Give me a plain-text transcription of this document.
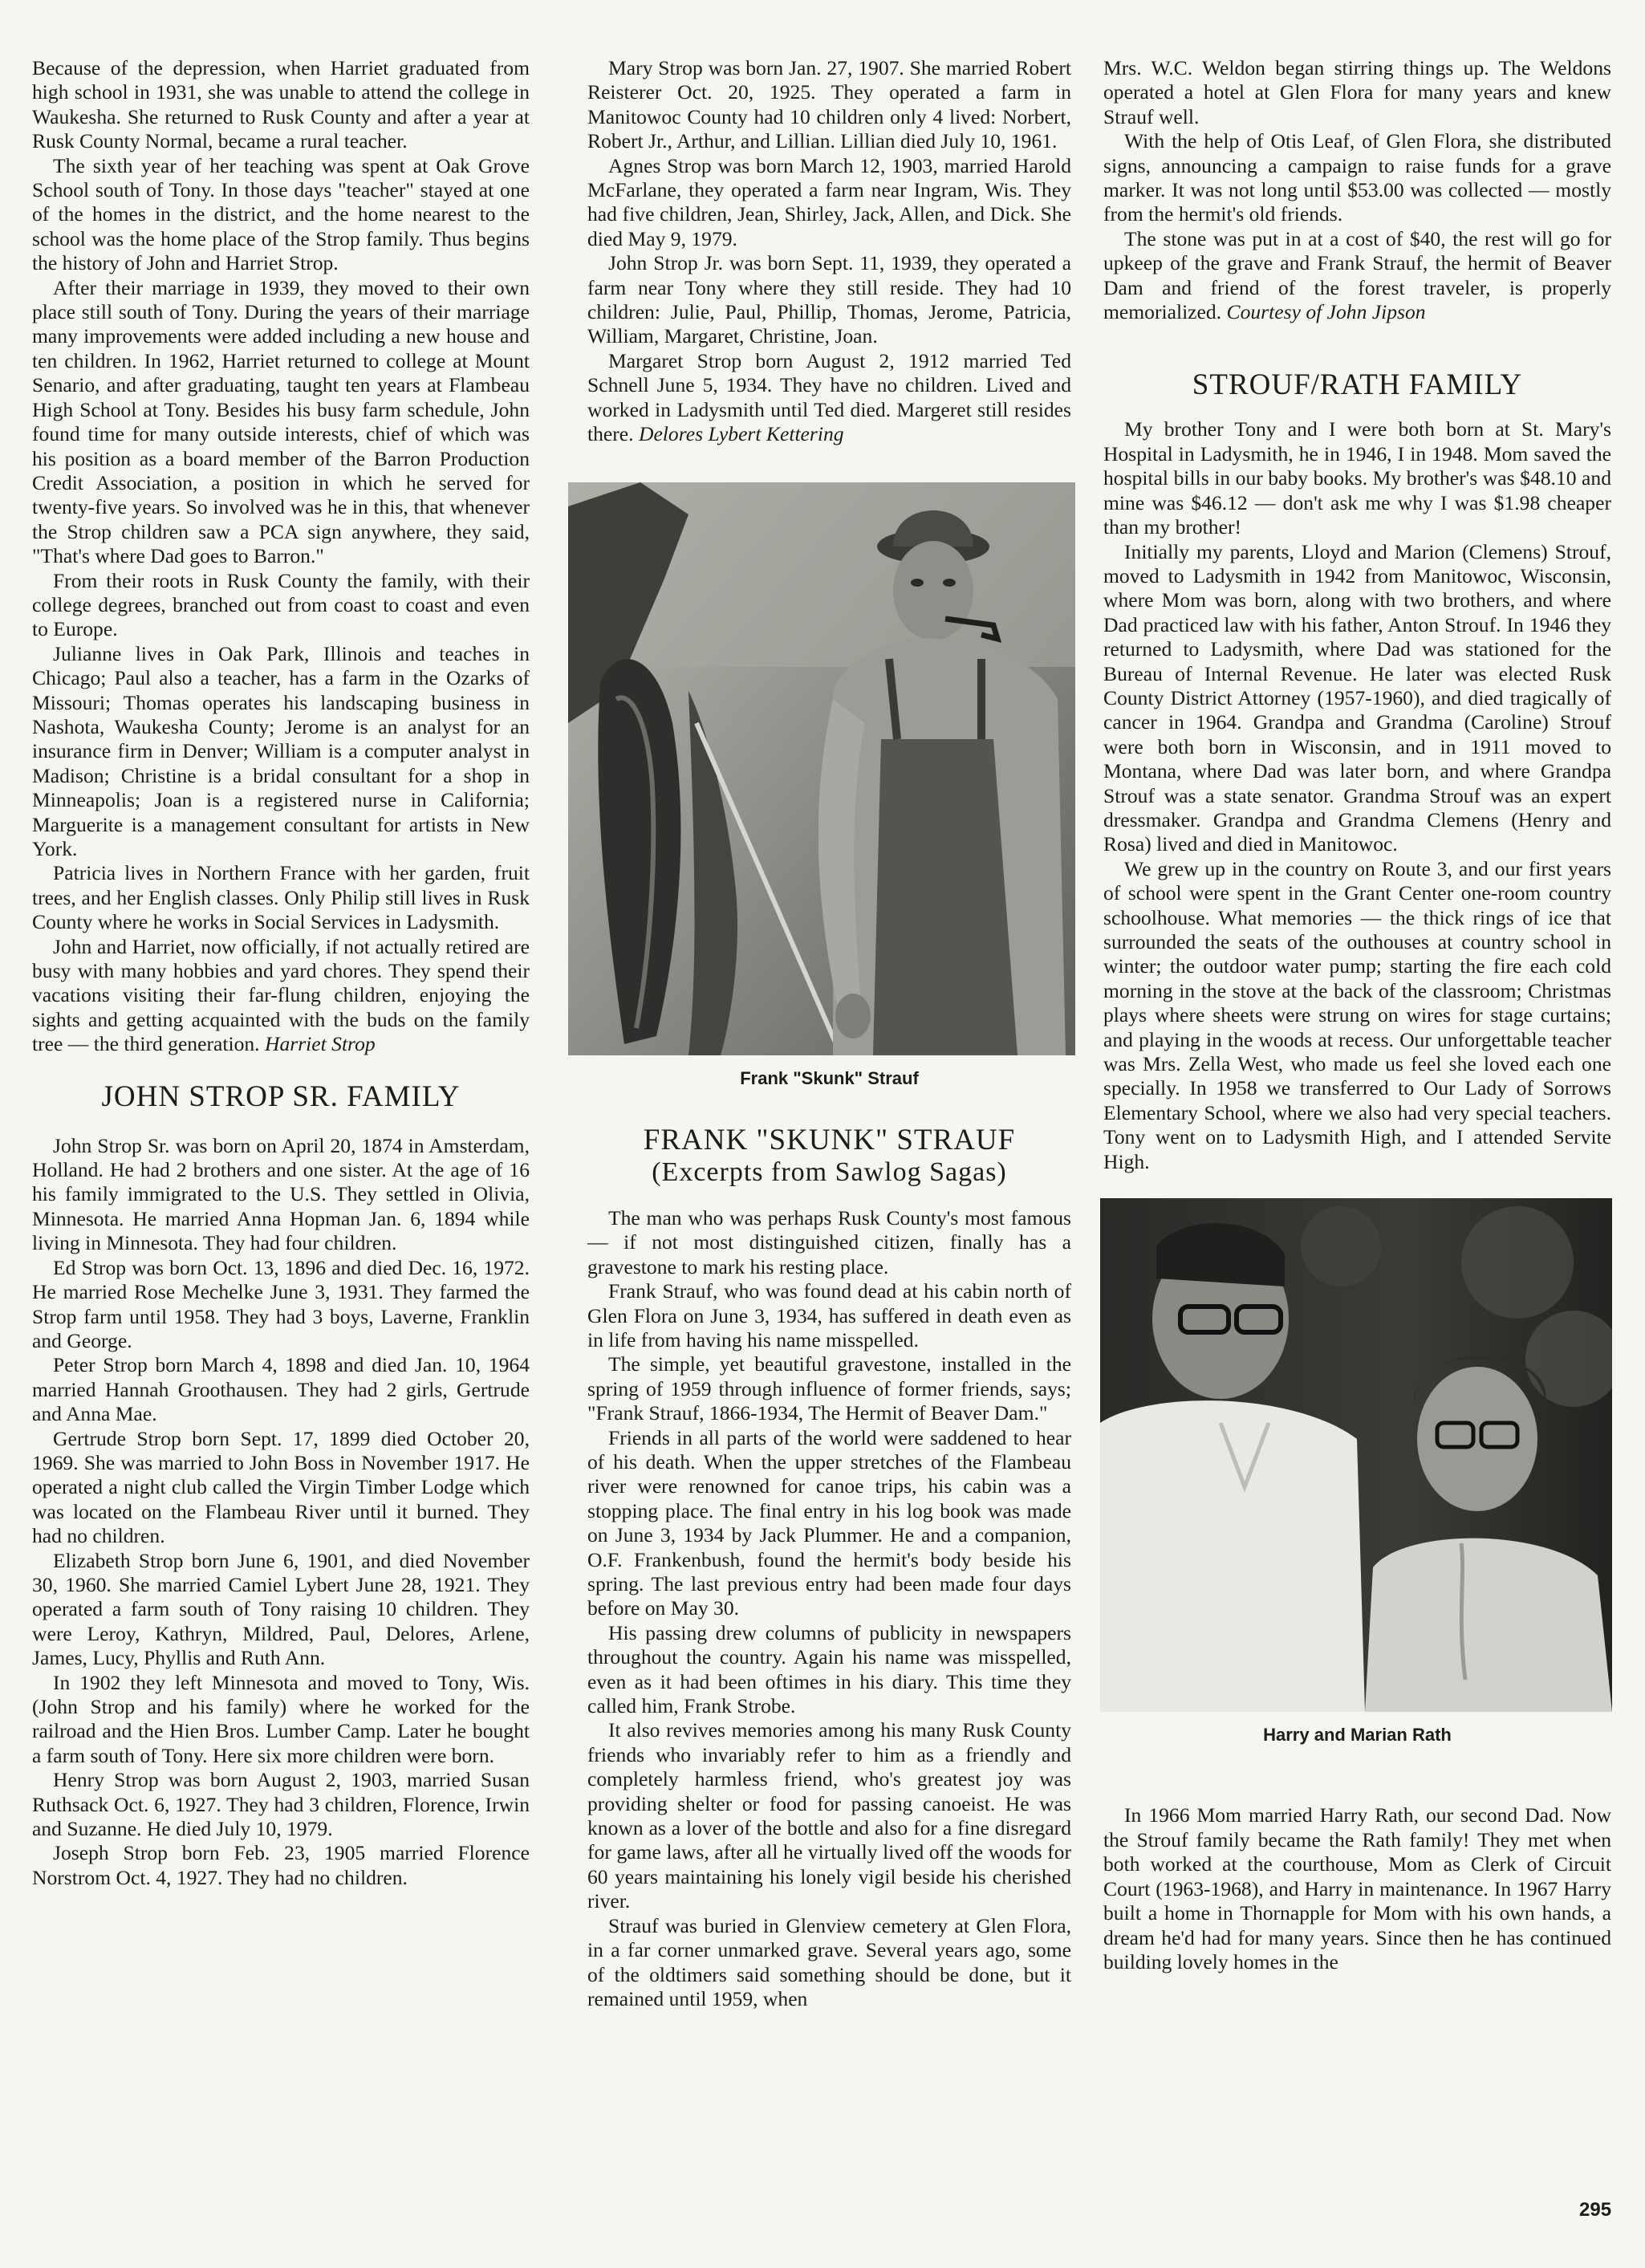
Because of the depression, when Harriet graduated from high school in 1931, she was unable to attend the college in Waukesha. She returned to Rusk County and after a year at Rusk County Normal, became a rural teacher.

The sixth year of her teaching was spent at Oak Grove School south of Tony. In those days "teacher" stayed at one of the homes in the district, and the home nearest to the school was the home place of the Strop family. Thus begins the history of John and Harriet Strop.

After their marriage in 1939, they moved to their own place still south of Tony. During the years of their marriage many improvements were added including a new house and ten children. In 1962, Harriet returned to college at Mount Senario, and after graduating, taught ten years at Flambeau High School at Tony. Besides his busy farm schedule, John found time for many outside interests, chief of which was his position as a board member of the Barron Production Credit Association, a position in which he served for twenty-five years. So involved was he in this, that whenever the Strop children saw a PCA sign anywhere, they said, "That's where Dad goes to Barron."

From their roots in Rusk County the family, with their college degrees, branched out from coast to coast and even to Europe.

Julianne lives in Oak Park, Illinois and teaches in Chicago; Paul also a teacher, has a farm in the Ozarks of Missouri; Thomas operates his landscaping business in Nashota, Waukesha County; Jerome is an analyst for an insurance firm in Denver; William is a computer analyst in Madison; Christine is a bridal consultant for a shop in Minneapolis; Joan is a registered nurse in California; Marguerite is a management consultant for artists in New York.

Patricia lives in Northern France with her garden, fruit trees, and her English classes. Only Philip still lives in Rusk County where he works in Social Services in Ladysmith.

John and Harriet, now officially, if not actually retired are busy with many hobbies and yard chores. They spend their vacations visiting their far-flung children, enjoying the sights and getting acquainted with the buds on the family tree — the third generation. Harriet Strop

JOHN STROP SR. FAMILY

John Strop Sr. was born on April 20, 1874 in Amsterdam, Holland. He had 2 brothers and one sister. At the age of 16 his family immigrated to the U.S. They settled in Olivia, Minnesota. He married Anna Hopman Jan. 6, 1894 while living in Minnesota. They had four children.

Ed Strop was born Oct. 13, 1896 and died Dec. 16, 1972. He married Rose Mechelke June 3, 1931. They farmed the Strop farm until 1958. They had 3 boys, Laverne, Franklin and George.

Peter Strop born March 4, 1898 and died Jan. 10, 1964 married Hannah Groothausen. They had 2 girls, Gertrude and Anna Mae.

Gertrude Strop born Sept. 17, 1899 died October 20, 1969. She was married to John Boss in November 1917. He operated a night club called the Virgin Timber Lodge which was located on the Flambeau River until it burned. They had no children.

Elizabeth Strop born June 6, 1901, and died November 30, 1960. She married Camiel Lybert June 28, 1921. They operated a farm south of Tony raising 10 children. They were Leroy, Kathryn, Mildred, Paul, Delores, Arlene, James, Lucy, Phyllis and Ruth Ann.

In 1902 they left Minnesota and moved to Tony, Wis. (John Strop and his family) where he worked for the railroad and the Hien Bros. Lumber Camp. Later he bought a farm south of Tony. Here six more children were born.

Henry Strop was born August 2, 1903, married Susan Ruthsack Oct. 6, 1927. They had 3 children, Florence, Irwin and Suzanne. He died July 10, 1979.

Joseph Strop born Feb. 23, 1905 married Florence Norstrom Oct. 4, 1927. They had no children.

Mary Strop was born Jan. 27, 1907. She married Robert Reisterer Oct. 20, 1925. They operated a farm in Manitowoc County had 10 children only 4 lived: Norbert, Robert Jr., Arthur, and Lillian. Lillian died July 10, 1961.

Agnes Strop was born March 12, 1903, married Harold McFarlane, they operated a farm near Ingram, Wis. They had five children, Jean, Shirley, Jack, Allen, and Dick. She died May 9, 1979.

John Strop Jr. was born Sept. 11, 1939, they operated a farm near Tony where they still reside. They had 10 children: Julie, Paul, Phillip, Thomas, Jerome, Patricia, William, Margaret, Christine, Joan.

Margaret Strop born August 2, 1912 married Ted Schnell June 5, 1934. They have no children. Lived and worked in Ladysmith until Ted died. Margeret still resides there. Delores Lybert Kettering

Frank "Skunk" Strauf
FRANK "SKUNK" STRAUF
(Excerpts from Sawlog Sagas)

The man who was perhaps Rusk County's most famous — if not most distinguished citizen, finally has a gravestone to mark his resting place.

Frank Strauf, who was found dead at his cabin north of Glen Flora on June 3, 1934, has suffered in death even as in life from having his name misspelled.

The simple, yet beautiful gravestone, installed in the spring of 1959 through influence of former friends, says; "Frank Strauf, 1866-1934, The Hermit of Beaver Dam."

Friends in all parts of the world were saddened to hear of his death. When the upper stretches of the Flambeau river were renowned for canoe trips, his cabin was a stopping place. The final entry in his log book was made on June 3, 1934 by Jack Plummer. He and a companion, O.F. Frankenbush, found the hermit's body beside his spring. The last previous entry had been made four days before on May 30.

His passing drew columns of publicity in newspapers throughout the country. Again his name was misspelled, even as it had been oftimes in his diary. This time they called him, Frank Strobe.

It also revives memories among his many Rusk County friends who invariably refer to him as a friendly and completely harmless friend, who's greatest joy was providing shelter or food for passing canoeist. He was known as a lover of the bottle and also for a fine disregard for game laws, after all he virtually lived off the woods for 60 years maintaining his lonely vigil beside his cherished river.

Strauf was buried in Glenview cemetery at Glen Flora, in a far corner unmarked grave. Several years ago, some of the oldtimers said something should be done, but it remained until 1959, when

Mrs. W.C. Weldon began stirring things up. The Weldons operated a hotel at Glen Flora for many years and knew Strauf well.

With the help of Otis Leaf, of Glen Flora, she distributed signs, announcing a campaign to raise funds for a grave marker. It was not long until $53.00 was collected — mostly from the hermit's old friends.

The stone was put in at a cost of $40, the rest will go for upkeep of the grave and Frank Strauf, the hermit of Beaver Dam and friend of the forest traveler, is properly memorialized. Courtesy of John Jipson

STROUF/RATH FAMILY

My brother Tony and I were both born at St. Mary's Hospital in Ladysmith, he in 1946, I in 1948. Mom saved the hospital bills in our baby books. My brother's was $48.10 and mine was $46.12 — don't ask me why I was $1.98 cheaper than my brother!

Initially my parents, Lloyd and Marion (Clemens) Strouf, moved to Ladysmith in 1942 from Manitowoc, Wisconsin, where Mom was born, along with two brothers, and where Dad practiced law with his father, Anton Strouf. In 1946 they returned to Ladysmith, where Dad was stationed for the Bureau of Internal Revenue. He later was elected Rusk County District Attorney (1957-1960), and died tragically of cancer in 1964. Grandpa and Grandma (Caroline) Strouf were both born in Wisconsin, and in 1911 moved to Montana, where Dad was later born, and where Grandpa Strouf was a state senator. Grandma Strouf was an expert dressmaker. Grandpa and Grandma Clemens (Henry and Rosa) lived and died in Manitowoc.

We grew up in the country on Route 3, and our first years of school were spent in the Grant Center one-room country schoolhouse. What memories — the thick rings of ice that surrounded the seats of the outhouses at country school in winter; the outdoor water pump; starting the fire each cold morning in the stove at the back of the classroom; Christmas plays where sheets were strung on wires for stage curtains; and playing in the woods at recess. Our unforgettable teacher was Mrs. Zella West, who made us feel she loved each one specially. In 1958 we transferred to Our Lady of Sorrows Elementary School, where we also had very special teachers. Tony went on to Ladysmith High, and I attended Servite High.

Harry and Marian Rath

In 1966 Mom married Harry Rath, our second Dad. Now the Strouf family became the Rath family! They met when both worked at the courthouse, Mom as Clerk of Circuit Court (1963-1968), and Harry in maintenance. In 1967 Harry built a home in Thornapple for Mom with his own hands, a dream he'd had for many years. Since then he has continued building lovely homes in the

295
